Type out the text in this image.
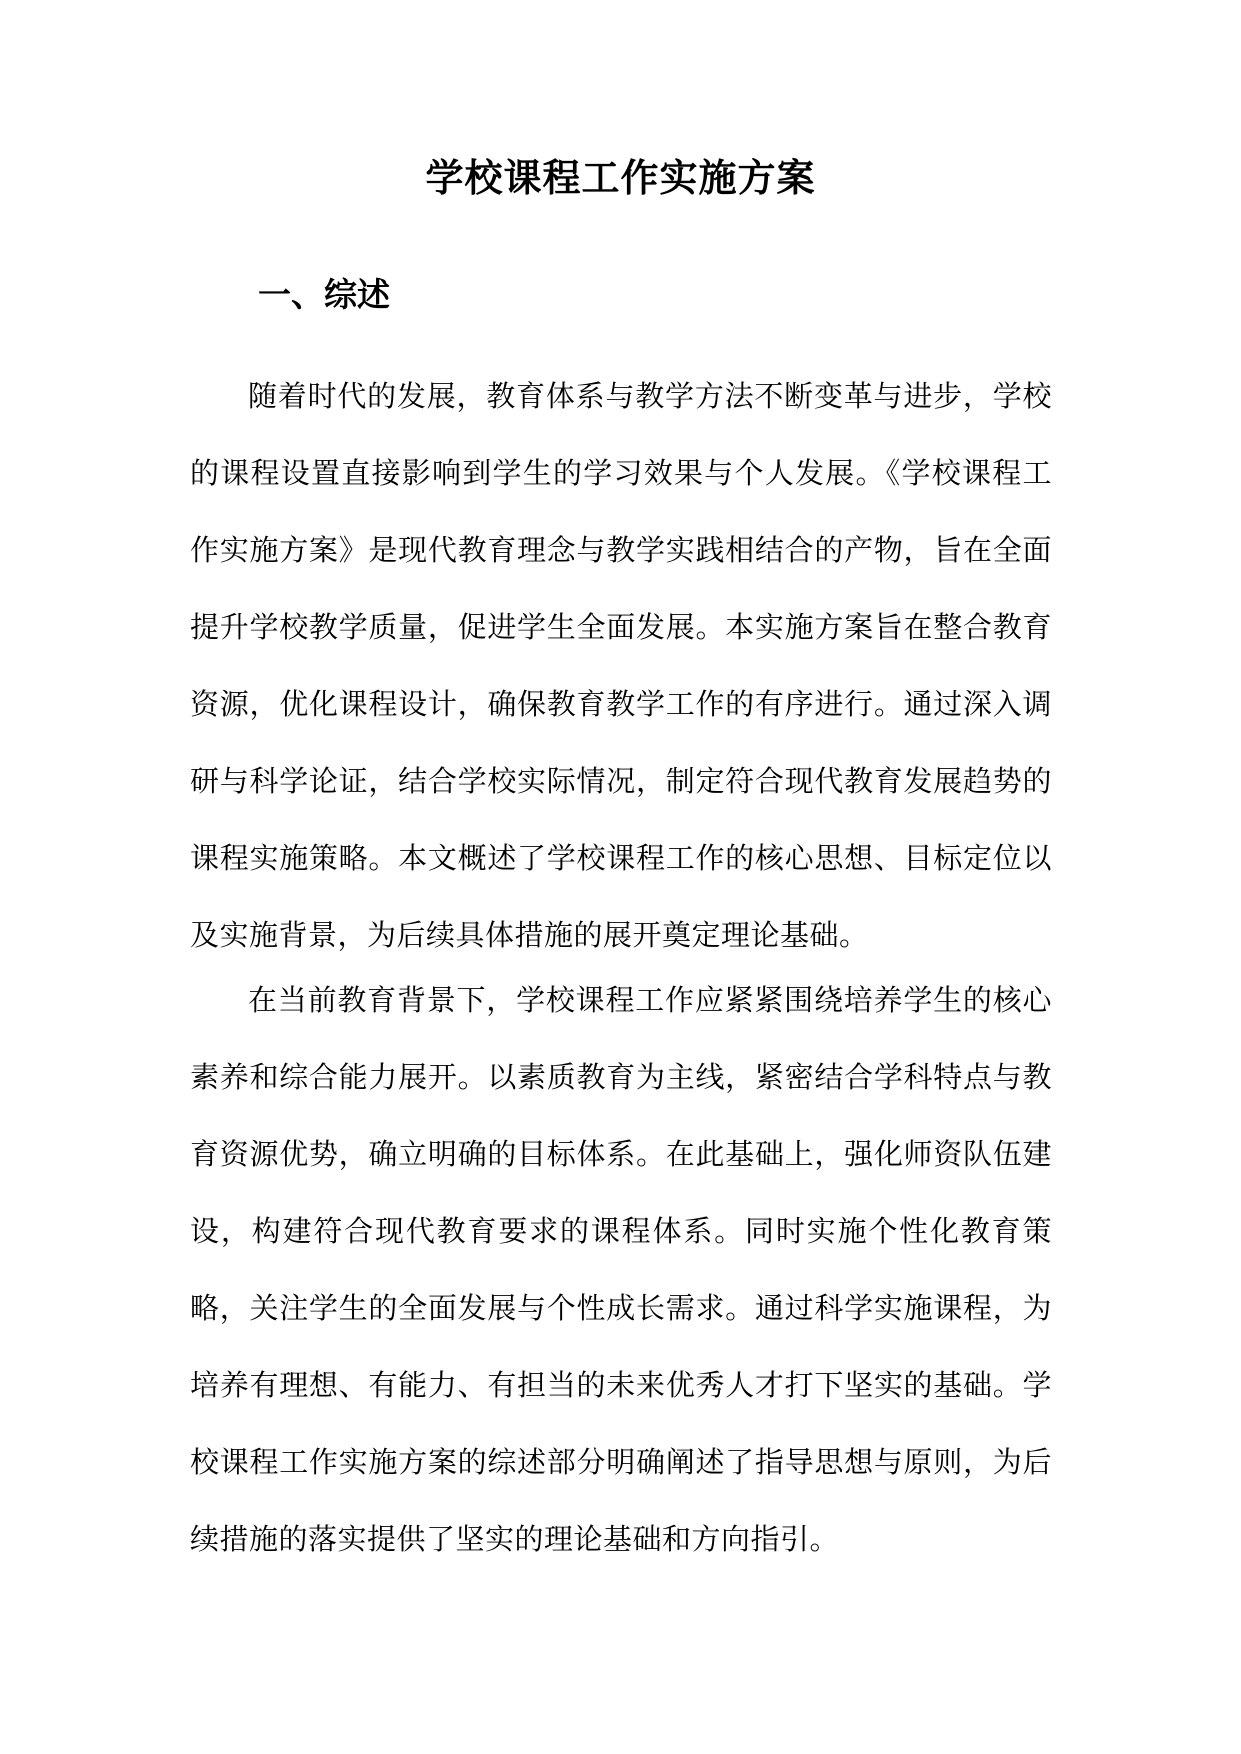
学校课程工作实施方案
一、综述

随着时代的发展，教育体系与教学方法不断变革与进步，学校的课程设置直接影响到学生的学习效果与个人发展。《学校课程工作实施方案》是现代教育理念与教学实践相结合的产物，旨在全面提升学校教学质量，促进学生全面发展。本实施方案旨在整合教育资源，优化课程设计，确保教育教学工作的有序进行。通过深入调研与科学论证，结合学校实际情况，制定符合现代教育发展趋势的课程实施策略。本文概述了学校课程工作的核心思想、目标定位以及实施背景，为后续具体措施的展开奠定理论基础。

在当前教育背景下，学校课程工作应紧紧围绕培养学生的核心素养和综合能力展开。以素质教育为主线，紧密结合学科特点与教育资源优势，确立明确的目标体系。在此基础上，强化师资队伍建设，构建符合现代教育要求的课程体系。同时实施个性化教育策略，关注学生的全面发展与个性成长需求。通过科学实施课程，为培养有理想、有能力、有担当的未来优秀人才打下坚实的基础。学校课程工作实施方案的综述部分明确阐述了指导思想与原则，为后续措施的落实提供了坚实的理论基础和方向指引。
